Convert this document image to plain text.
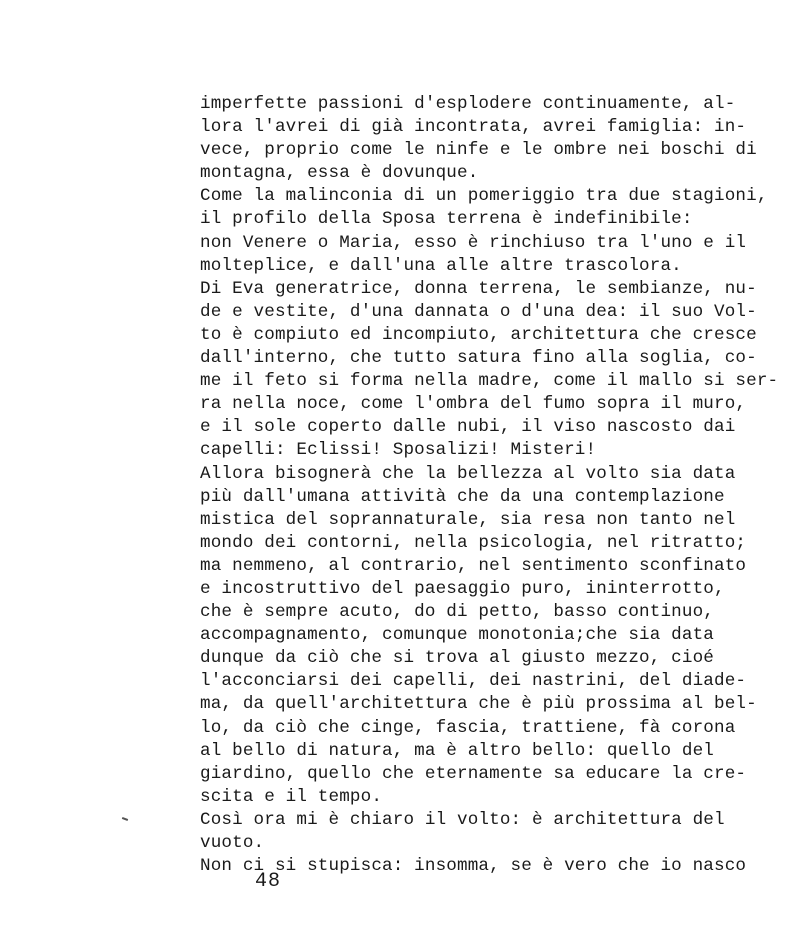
imperfette passioni d'esplodere continuamente, al-
lora l'avrei di già incontrata, avrei famiglia: in-
vece, proprio come le ninfe e le ombre nei boschi di
montagna, essa è dovunque.
Come la malinconia di un pomeriggio tra due stagioni,
il profilo della Sposa terrena è indefinibile:
non Venere o Maria, esso è rinchiuso tra l'uno e il
molteplice, e dall'una alle altre trascolora.
Di Eva generatrice, donna terrena, le sembianze, nu-
de e vestite, d'una dannata o d'una dea: il suo Vol-
to è compiuto ed incompiuto, architettura che cresce
dall'interno, che tutto satura fino alla soglia, co-
me il feto si forma nella madre, come il mallo si ser-
ra nella noce, come l'ombra del fumo sopra il muro,
e il sole coperto dalle nubi, il viso nascosto dai
capelli: Eclissi! Sposalizi! Misteri!
Allora bisognerà che la bellezza al volto sia data
più dall'umana attività che da una contemplazione
mistica del soprannaturale, sia resa non tanto nel
mondo dei contorni, nella psicologia, nel ritratto;
ma nemmeno, al contrario, nel sentimento sconfinato
e incostruttivo del paesaggio puro, ininterrotto,
che è sempre acuto, do di petto, basso continuo,
accompagnamento, comunque monotonia;che sia data
dunque da ciò che si trova al giusto mezzo, cioé
l'acconciarsi dei capelli, dei nastrini, del diade-
ma, da quell'architettura che è più prossima al bel-
lo, da ciò che cinge, fascia, trattiene, fà corona
al bello di natura, ma è altro bello: quello del
giardino, quello che eternamente sa educare la cre-
scita e il tempo.
Così ora mi è chiaro il volto: è architettura del
vuoto.
Non ci si stupisca: insomma, se è vero che io nasco
48
